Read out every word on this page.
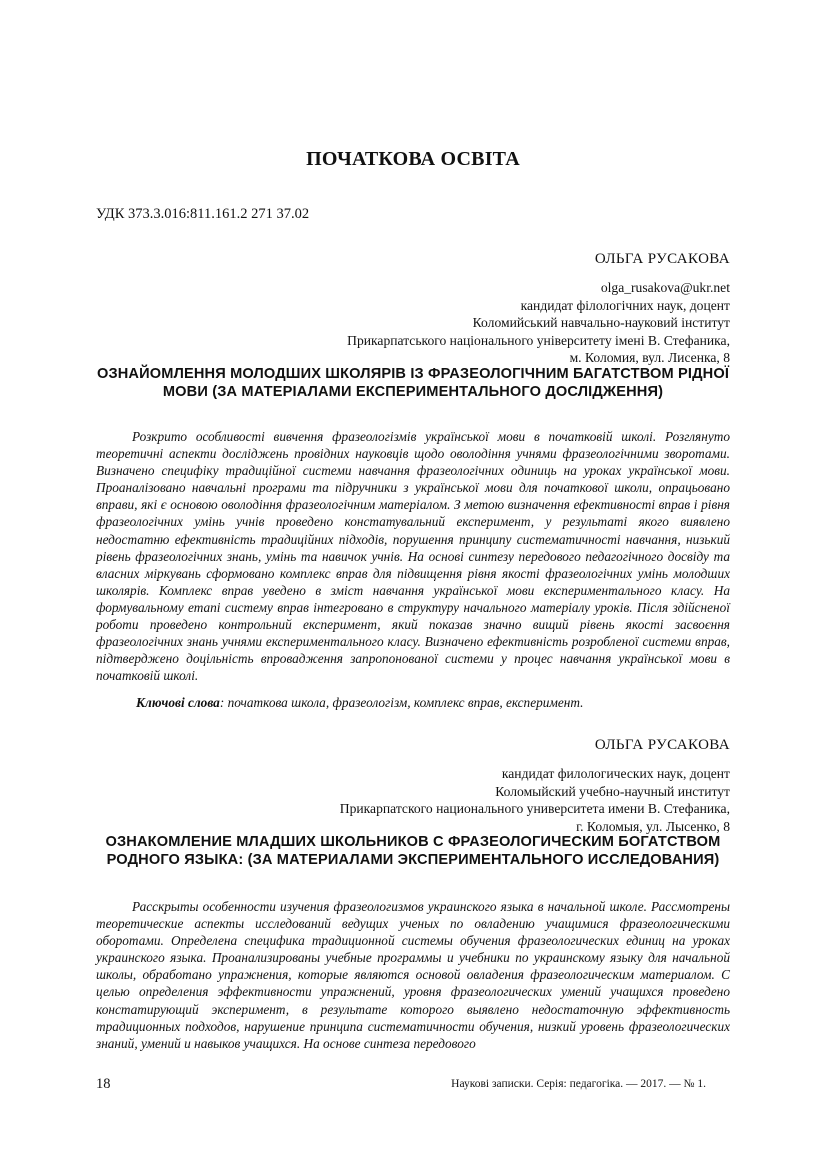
ПОЧАТКОВА ОСВІТА
УДК 373.3.016:811.161.2 271 37.02
ОЛЬГА РУСАКОВА
olga_rusakova@ukr.net
кандидат філологічних наук, доцент
Коломийський навчально-науковий інститут
Прикарпатського національного університету імені В. Стефаника,
м. Коломия, вул. Лисенка, 8
ОЗНАЙОМЛЕННЯ МОЛОДШИХ ШКОЛЯРІВ ІЗ ФРАЗЕОЛОГІЧНИМ БАГАТСТВОМ РІДНОЇ МОВИ (ЗА МАТЕРІАЛАМИ ЕКСПЕРИМЕНТАЛЬНОГО ДОСЛІДЖЕННЯ)

Розкрито особливості вивчення фразеологізмів української мови в початковій школі. Розглянуто теоретичні аспекти досліджень провідних науковців щодо оволодіння учнями фразеологічними зворотами. Визначено специфіку традиційної системи навчання фразеологічних одиниць на уроках української мови. Проаналізовано навчальні програми та підручники з української мови для початкової школи, опрацьовано вправи, які є основою оволодіння фразеологічним матеріалом. З метою визначення ефективності вправ і рівня фразеологічних умінь учнів проведено констатувальний експеримент, у результаті якого виявлено недостатню ефективність традиційних підходів, порушення принципу систематичності навчання, низький рівень фразеологічних знань, умінь та навичок учнів. На основі синтезу передового педагогічного досвіду та власних міркувань сформовано комплекс вправ для підвищення рівня якості фразеологічних умінь молодших школярів. Комплекс вправ уведено в зміст навчання української мови експериментального класу. На формувальному етапі систему вправ інтегровано в структуру начального матеріалу уроків. Після здійсненої роботи проведено контрольний експеримент, який показав значно вищий рівень якості засвоєння фразеологічних знань учнями експериментального класу. Визначено ефективність розробленої системи вправ, підтверджено доцільність впровадження запропонованої системи у процес навчання української мови в початковій школі.

Ключові слова: початкова школа, фразеологізм, комплекс вправ, експеримент.

ОЛЬГА РУСАКОВА
кандидат филологических наук, доцент
Коломыйский учебно-научный институт
Прикарпатского национального университета имени В. Стефаника,
г. Коломыя, ул. Лысенко, 8
ОЗНАКОМЛЕНИЕ МЛАДШИХ ШКОЛЬНИКОВ С ФРАЗЕОЛОГИЧЕСКИМ БОГАТСТВОМ РОДНОГО ЯЗЫКА: (ЗА МАТЕРИАЛАМИ ЭКСПЕРИМЕНТАЛЬНОГО ИССЛЕДОВАНИЯ)

Расскрыты особенности изучения фразеологизмов украинского языка в начальной школе. Рассмотрены теоретические аспекты исследований ведущих ученых по овладению учащимися фразеологическими оборотами. Определена специфика традиционной системы обучения фразеологических единиц на уроках украинского языка. Проанализированы учебные программы и учебники по украинскому языку для начальной школы, обработано упражнения, которые являются основой овладения фразеологическим материалом. С целью определения эффективности упражнений, уровня фразеологических умений учащихся проведено констатирующий эксперимент, в результате которого выявлено недостаточную эффективность традиционных подходов, нарушение принципа систематичности обучения, низкий уровень фразеологических знаний, умений и навыков учащихся. На основе синтеза передового

18	Наукові записки. Серія: педагогіка. — 2017. — № 1.
